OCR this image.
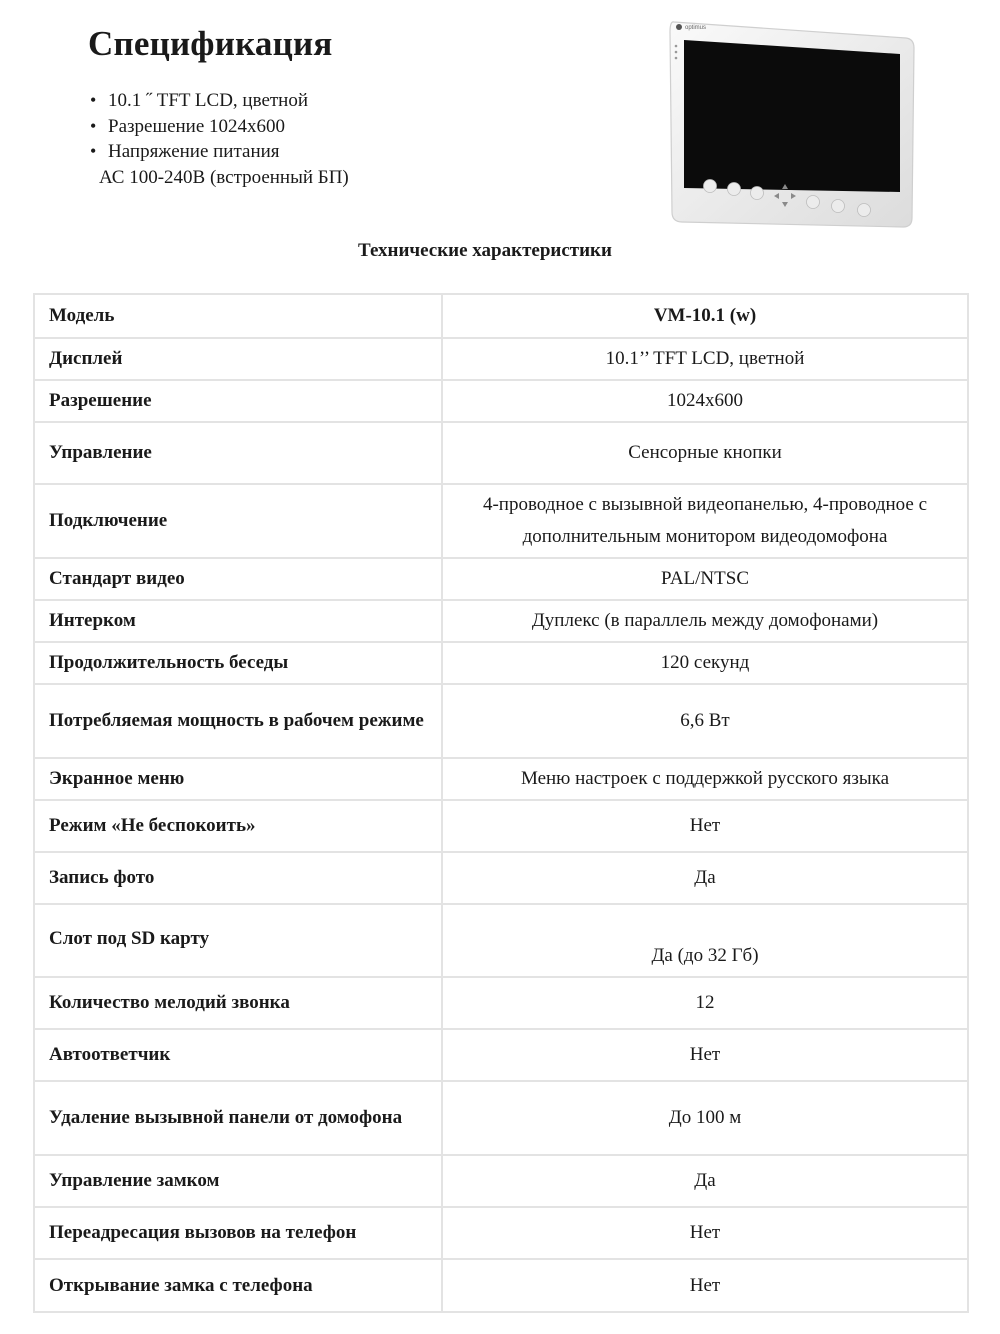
Спецификация
• 10.1 ˝ TFT LCD, цветной
• Разрешение 1024х600
• Напряжение питания
АС 100-240В (встроенный БП)
optimus
Технические характеристики
Модель	VM-10.1 (w)
Дисплей	10.1’’ TFT LCD, цветной
Разрешение	1024х600
Управление	Сенсорные кнопки
Подключение	4-проводное с вызывной видеопанелью, 4-проводное с дополнительным монитором видеодомофона
Стандарт видео	PAL/NTSC
Интерком	Дуплекс (в параллель между домофонами)
Продолжительность беседы	120 секунд
Потребляемая мощность в рабочем режиме	6,6 Вт
Экранное меню	Меню настроек с поддержкой русского языка
Режим «Не беспокоить»	Нет
Запись фото	Да
Слот под SD карту	Да (до 32 Гб)
Количество мелодий звонка	12
Автоответчик	Нет
Удаление вызывной панели от домофона	До 100 м
Управление замком	Да
Переадресация вызовов на телефон	Нет
Открывание замка с телефона	Нет
